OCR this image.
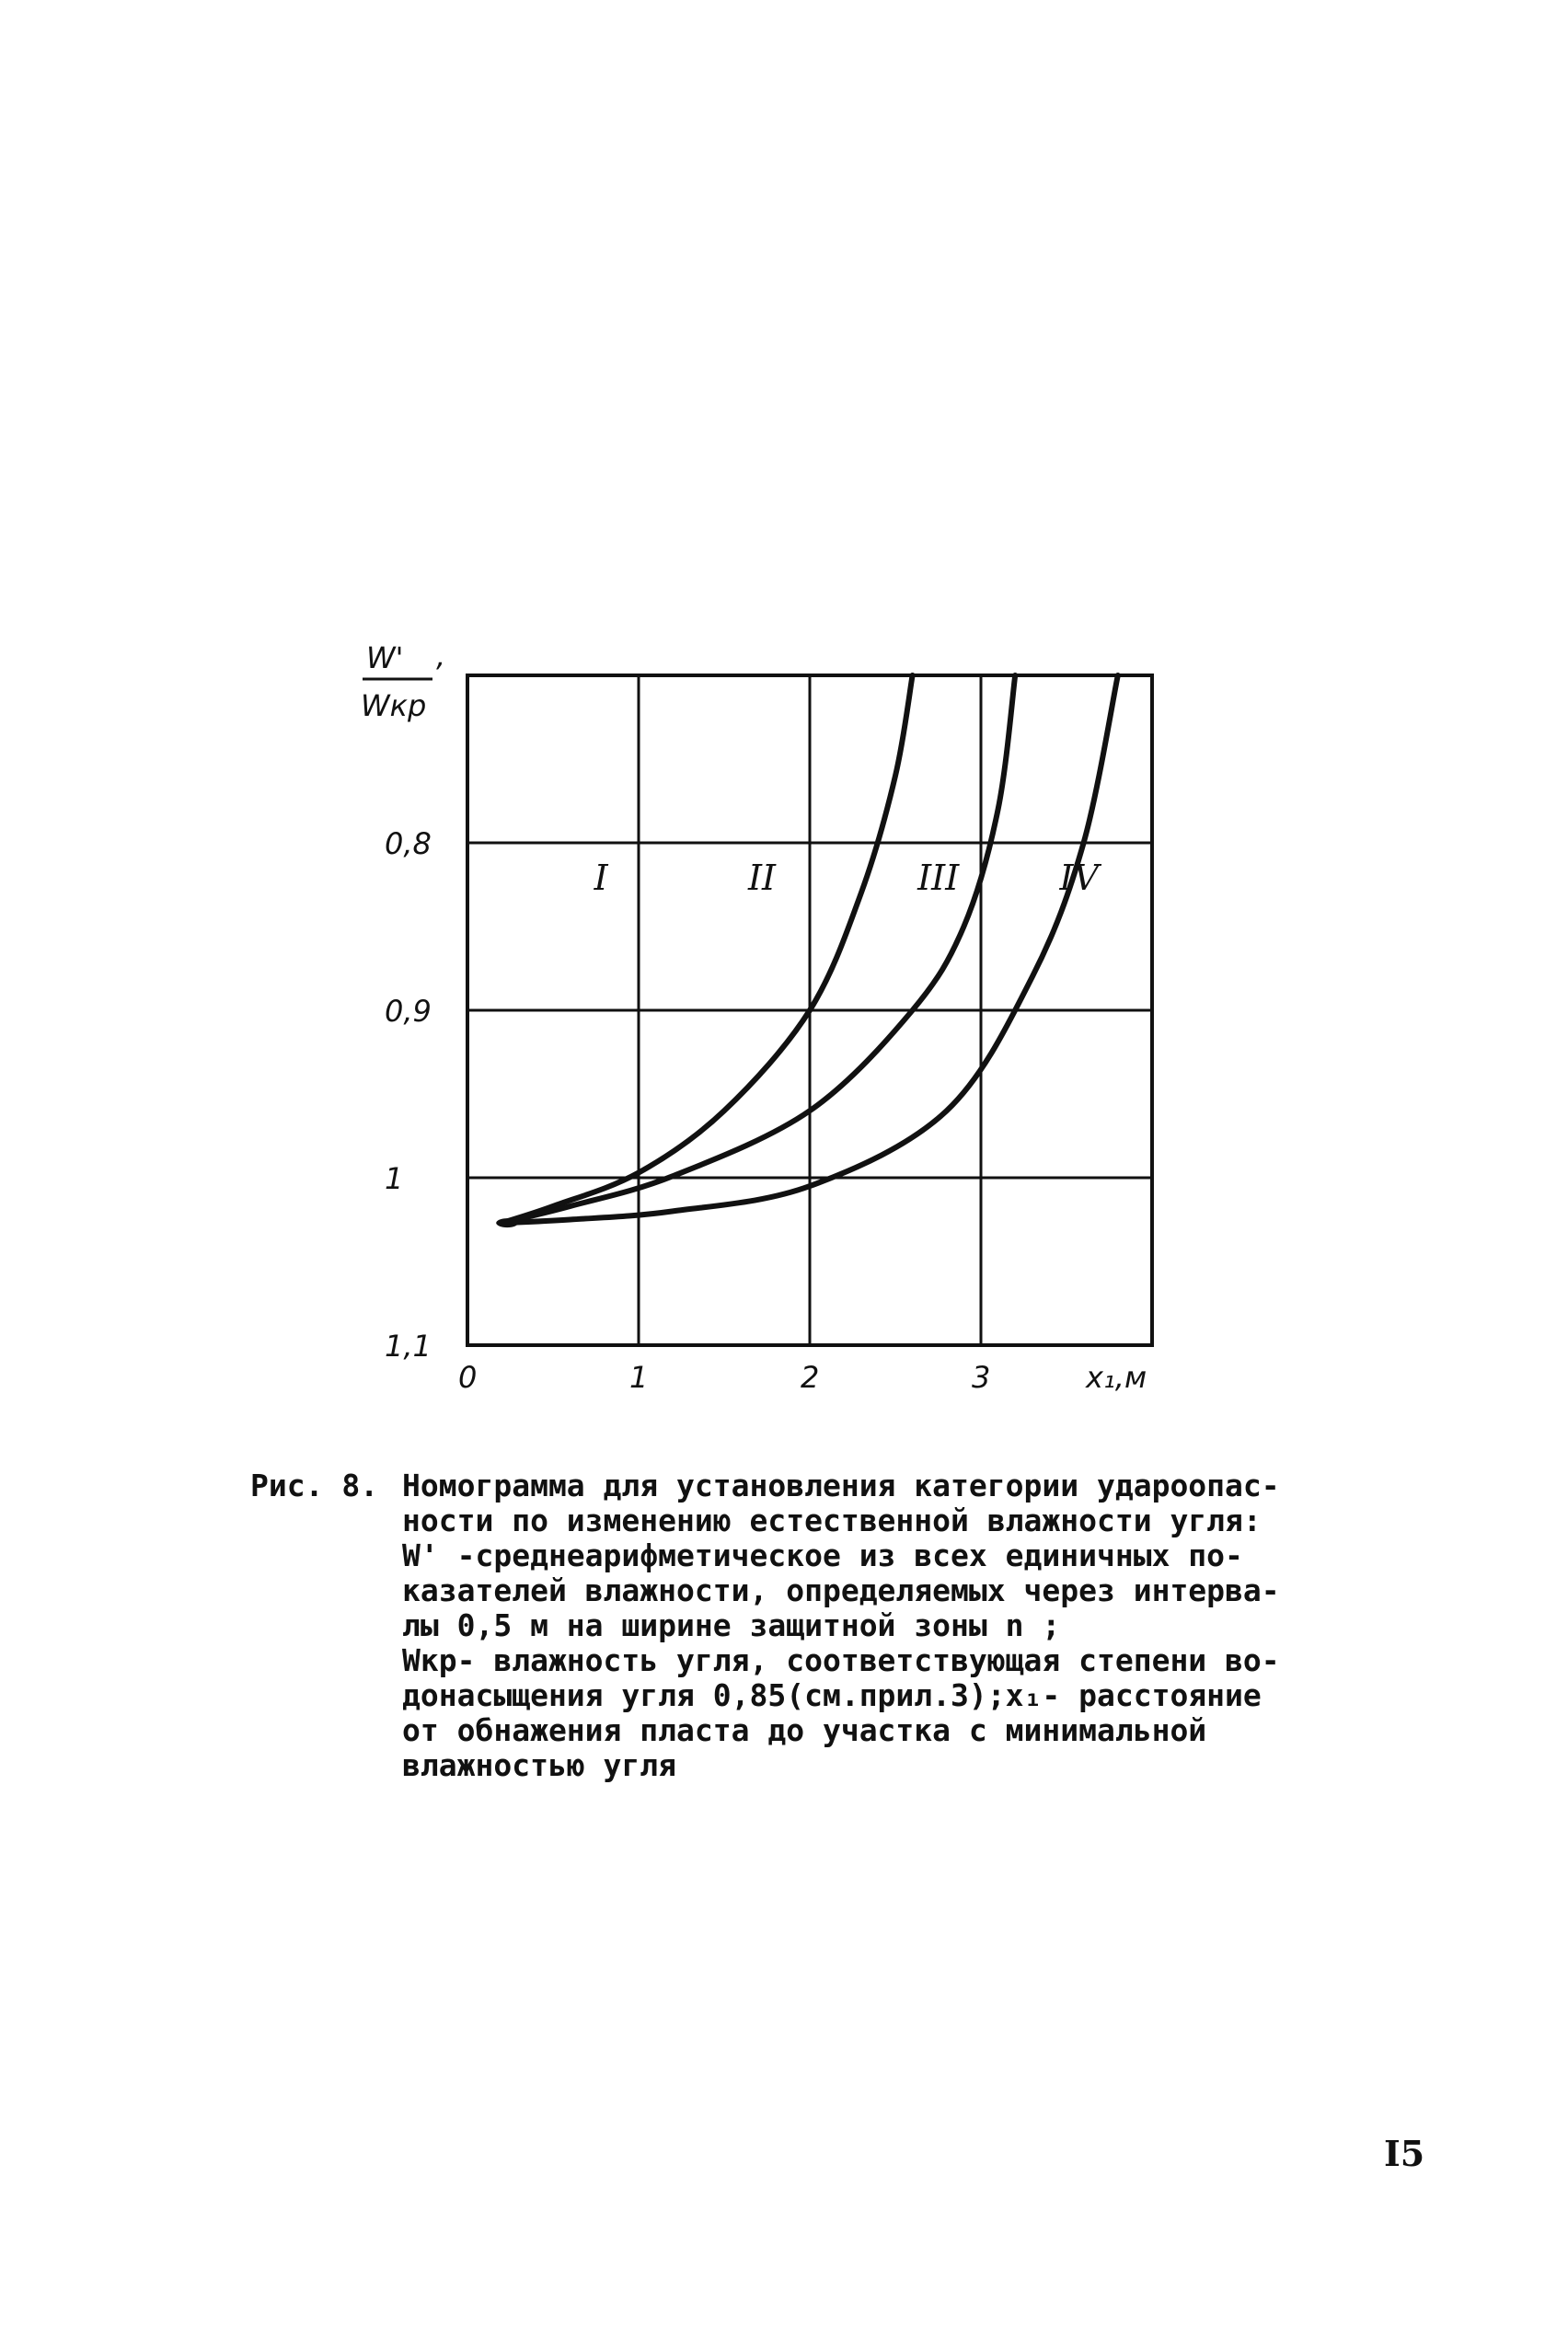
0,8
0,9
1
1,1
0	1	2	3
I	II	III	IV
W' ,
Wкр
x₁,м
Рис. 8. Номограмма для установления категории удароопас-
ности по изменению естественной влажности угля:
W' -среднеарифметическое из всех единичных по-
казателей влажности, определяемых через интерва-
лы 0,5 м на ширине защитной зоны n ;
Wкр- влажность угля, соответствующая степени во-
донасыщения угля 0,85(см.прил.3);x₁- расстояние
от обнажения пласта до участка с минимальной
влажностью угля
I5
